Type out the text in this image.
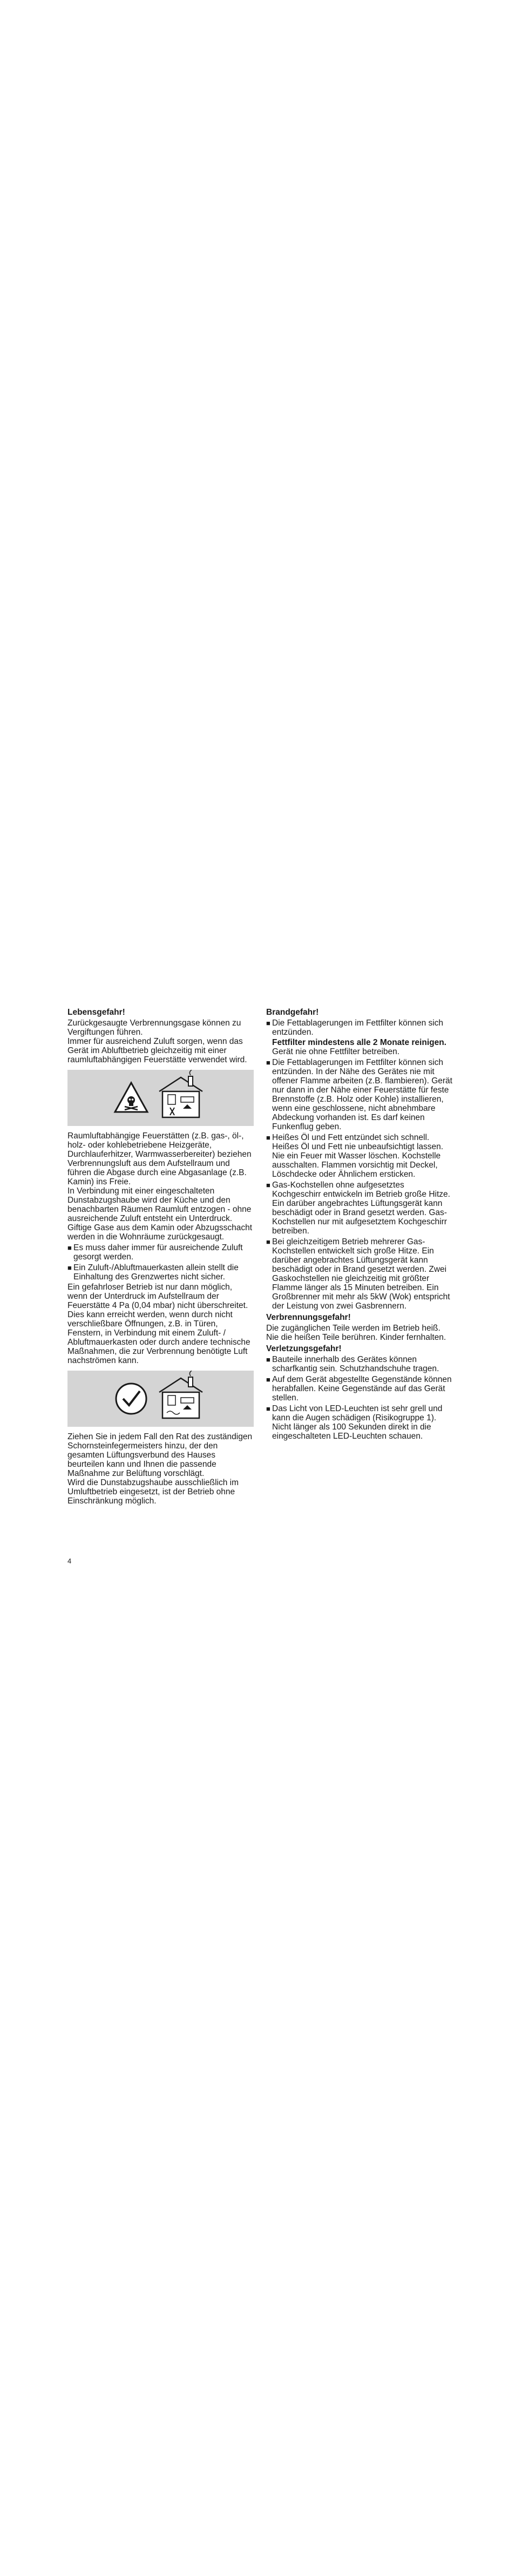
Lebensgefahr!

Zurückgesaugte Verbrennungsgase können zu Vergiftungen führen.

Immer für ausreichend Zuluft sorgen, wenn das Gerät im Abluftbetrieb gleichzeitig mit einer raumluftabhängigen Feuerstätte verwendet wird.

Raumluftabhängige Feuerstätten (z.B. gas-, öl-, holz- oder kohlebetriebene Heizgeräte, Durchlauferhitzer, Warmwasserbereiter) beziehen Verbrennungsluft aus dem Aufstellraum und führen die Abgase durch eine Abgasanlage (z.B. Kamin) ins Freie.

In Verbindung mit einer eingeschalteten Dunstabzugshaube wird der Küche und den benachbarten Räumen Raumluft entzogen - ohne ausreichende Zuluft entsteht ein Unterdruck. Giftige Gase aus dem Kamin oder Abzugsschacht werden in die Wohnräume zurückgesaugt.

■ Es muss daher immer für ausreichende Zuluft gesorgt werden.
■ Ein Zuluft-/Abluftmauerkasten allein stellt die Einhaltung des Grenzwertes nicht sicher.

Ein gefahrloser Betrieb ist nur dann möglich, wenn der Unterdruck im Aufstellraum der Feuerstätte 4 Pa (0,04 mbar) nicht überschreitet. Dies kann erreicht werden, wenn durch nicht verschließbare Öffnungen, z.B. in Türen, Fenstern, in Verbindung mit einem Zuluft- / Abluftmauerkasten oder durch andere technische Maßnahmen, die zur Verbrennung benötigte Luft nachströmen kann.

Ziehen Sie in jedem Fall den Rat des zuständigen Schornsteinfegermeisters hinzu, der den gesamten Lüftungsverbund des Hauses beurteilen kann und Ihnen die passende Maßnahme zur Belüftung vorschlägt.

Wird die Dunstabzugshaube ausschließlich im Umluftbetrieb eingesetzt, ist der Betrieb ohne Einschränkung möglich.

Brandgefahr!

■ Die Fettablagerungen im Fettfilter können sich entzünden.

Fettfilter mindestens alle 2 Monate reinigen.

Gerät nie ohne Fettfilter betreiben.

■ Die Fettablagerungen im Fettfilter können sich entzünden. In der Nähe des Gerätes nie mit offener Flamme arbeiten (z.B. flambieren). Gerät nur dann in der Nähe einer Feuerstätte für feste Brennstoffe (z.B. Holz oder Kohle) installieren, wenn eine geschlossene, nicht abnehmbare Abdeckung vorhanden ist. Es darf keinen Funkenflug geben.
■ Heißes Öl und Fett entzündet sich schnell. Heißes Öl und Fett nie unbeaufsichtigt lassen. Nie ein Feuer mit Wasser löschen. Kochstelle ausschalten. Flammen vorsichtig mit Deckel, Löschdecke oder Ähnlichem ersticken.
■ Gas-Kochstellen ohne aufgesetztes Kochgeschirr entwickeln im Betrieb große Hitze. Ein darüber angebrachtes Lüftungsgerät kann beschädigt oder in Brand gesetzt werden. Gas-Kochstellen nur mit aufgesetztem Kochgeschirr betreiben.
■ Bei gleichzeitigem Betrieb mehrerer Gas-Kochstellen entwickelt sich große Hitze. Ein darüber angebrachtes Lüftungsgerät kann beschädigt oder in Brand gesetzt werden. Zwei Gaskochstellen nie gleichzeitig mit größter Flamme länger als 15 Minuten betreiben. Ein Großbrenner mit mehr als 5kW (Wok) entspricht der Leistung von zwei Gasbrennern.

Verbrennungsgefahr!

Die zugänglichen Teile werden im Betrieb heiß. Nie die heißen Teile berühren. Kinder fernhalten.

Verletzungsgefahr!

■ Bauteile innerhalb des Gerätes können scharfkantig sein. Schutzhandschuhe tragen.
■ Auf dem Gerät abgestellte Gegenstände können herabfallen. Keine Gegenstände auf das Gerät stellen.
■ Das Licht von LED-Leuchten ist sehr grell und kann die Augen schädigen (Risikogruppe 1). Nicht länger als 100 Sekunden direkt in die eingeschalteten LED-Leuchten schauen.
4
